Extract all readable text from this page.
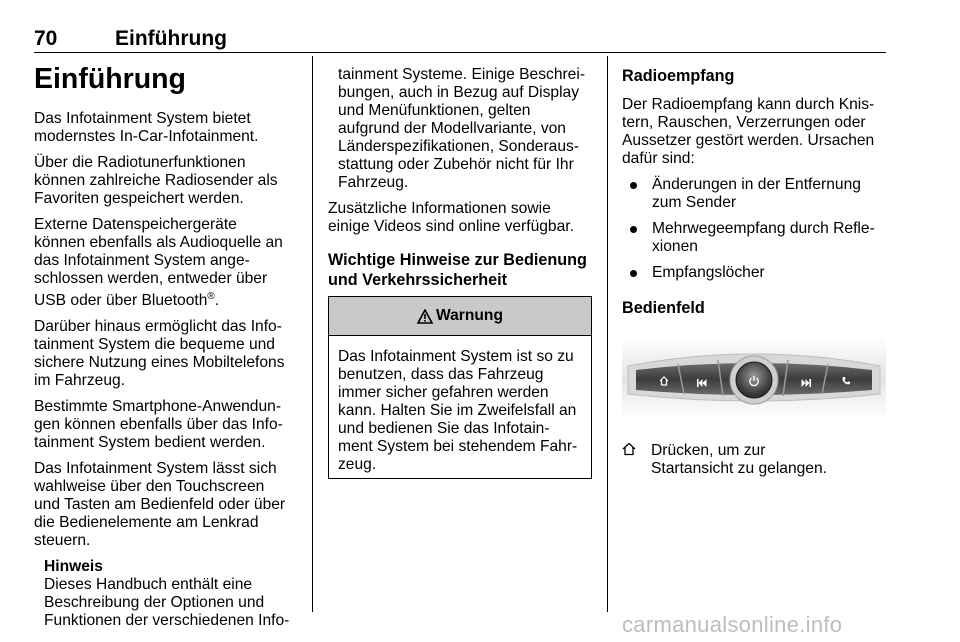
70	Einführung
Einführung

Das Infotainment System bietet
modernstes In-Car-Infotainment.

Über die Radiotunerfunktionen
können zahlreiche Radiosender als
Favoriten gespeichert werden.

Externe Datenspeichergeräte
können ebenfalls als Audioquelle an
das Infotainment System ange-
schlossen werden, entweder über
USB oder über Bluetooth®.

Darüber hinaus ermöglicht das Info-
tainment System die bequeme und
sichere Nutzung eines Mobiltelefons
im Fahrzeug.

Bestimmte Smartphone-Anwendun-
gen können ebenfalls über das Info-
tainment System bedient werden.

Das Infotainment System lässt sich
wahlweise über den Touchscreen
und Tasten am Bedienfeld oder über
die Bedienelemente am Lenkrad
steuern.

Hinweis
Dieses Handbuch enthält eine
Beschreibung der Optionen und
Funktionen der verschiedenen Info-
tainment Systeme. Einige Beschrei-
bungen, auch in Bezug auf Display
und Menüfunktionen, gelten
aufgrund der Modellvariante, von
Länderspezifikationen, Sonderaus-
stattung oder Zubehör nicht für Ihr
Fahrzeug.

Zusätzliche Informationen sowie
einige Videos sind online verfügbar.

Wichtige Hinweise zur Bedienung
und Verkehrssicherheit
Warnung
Das Infotainment System ist so zu benutzen, dass das Fahrzeug immer sicher gefahren werden kann. Halten Sie im Zweifelsfall an und bedienen Sie das Infotain- ment System bei stehendem Fahr- zeug.
Radioempfang

Der Radioempfang kann durch Knis-
tern, Rauschen, Verzerrungen oder
Aussetzer gestört werden. Ursachen
dafür sind:

Änderungen in der Entfernung
zum Sender
Mehrwegeempfang durch Refle-
xionen
Empfangslöcher
Bedienfeld
Drücken, um zur
Startansicht zu gelangen.
carmanualsonline.info
